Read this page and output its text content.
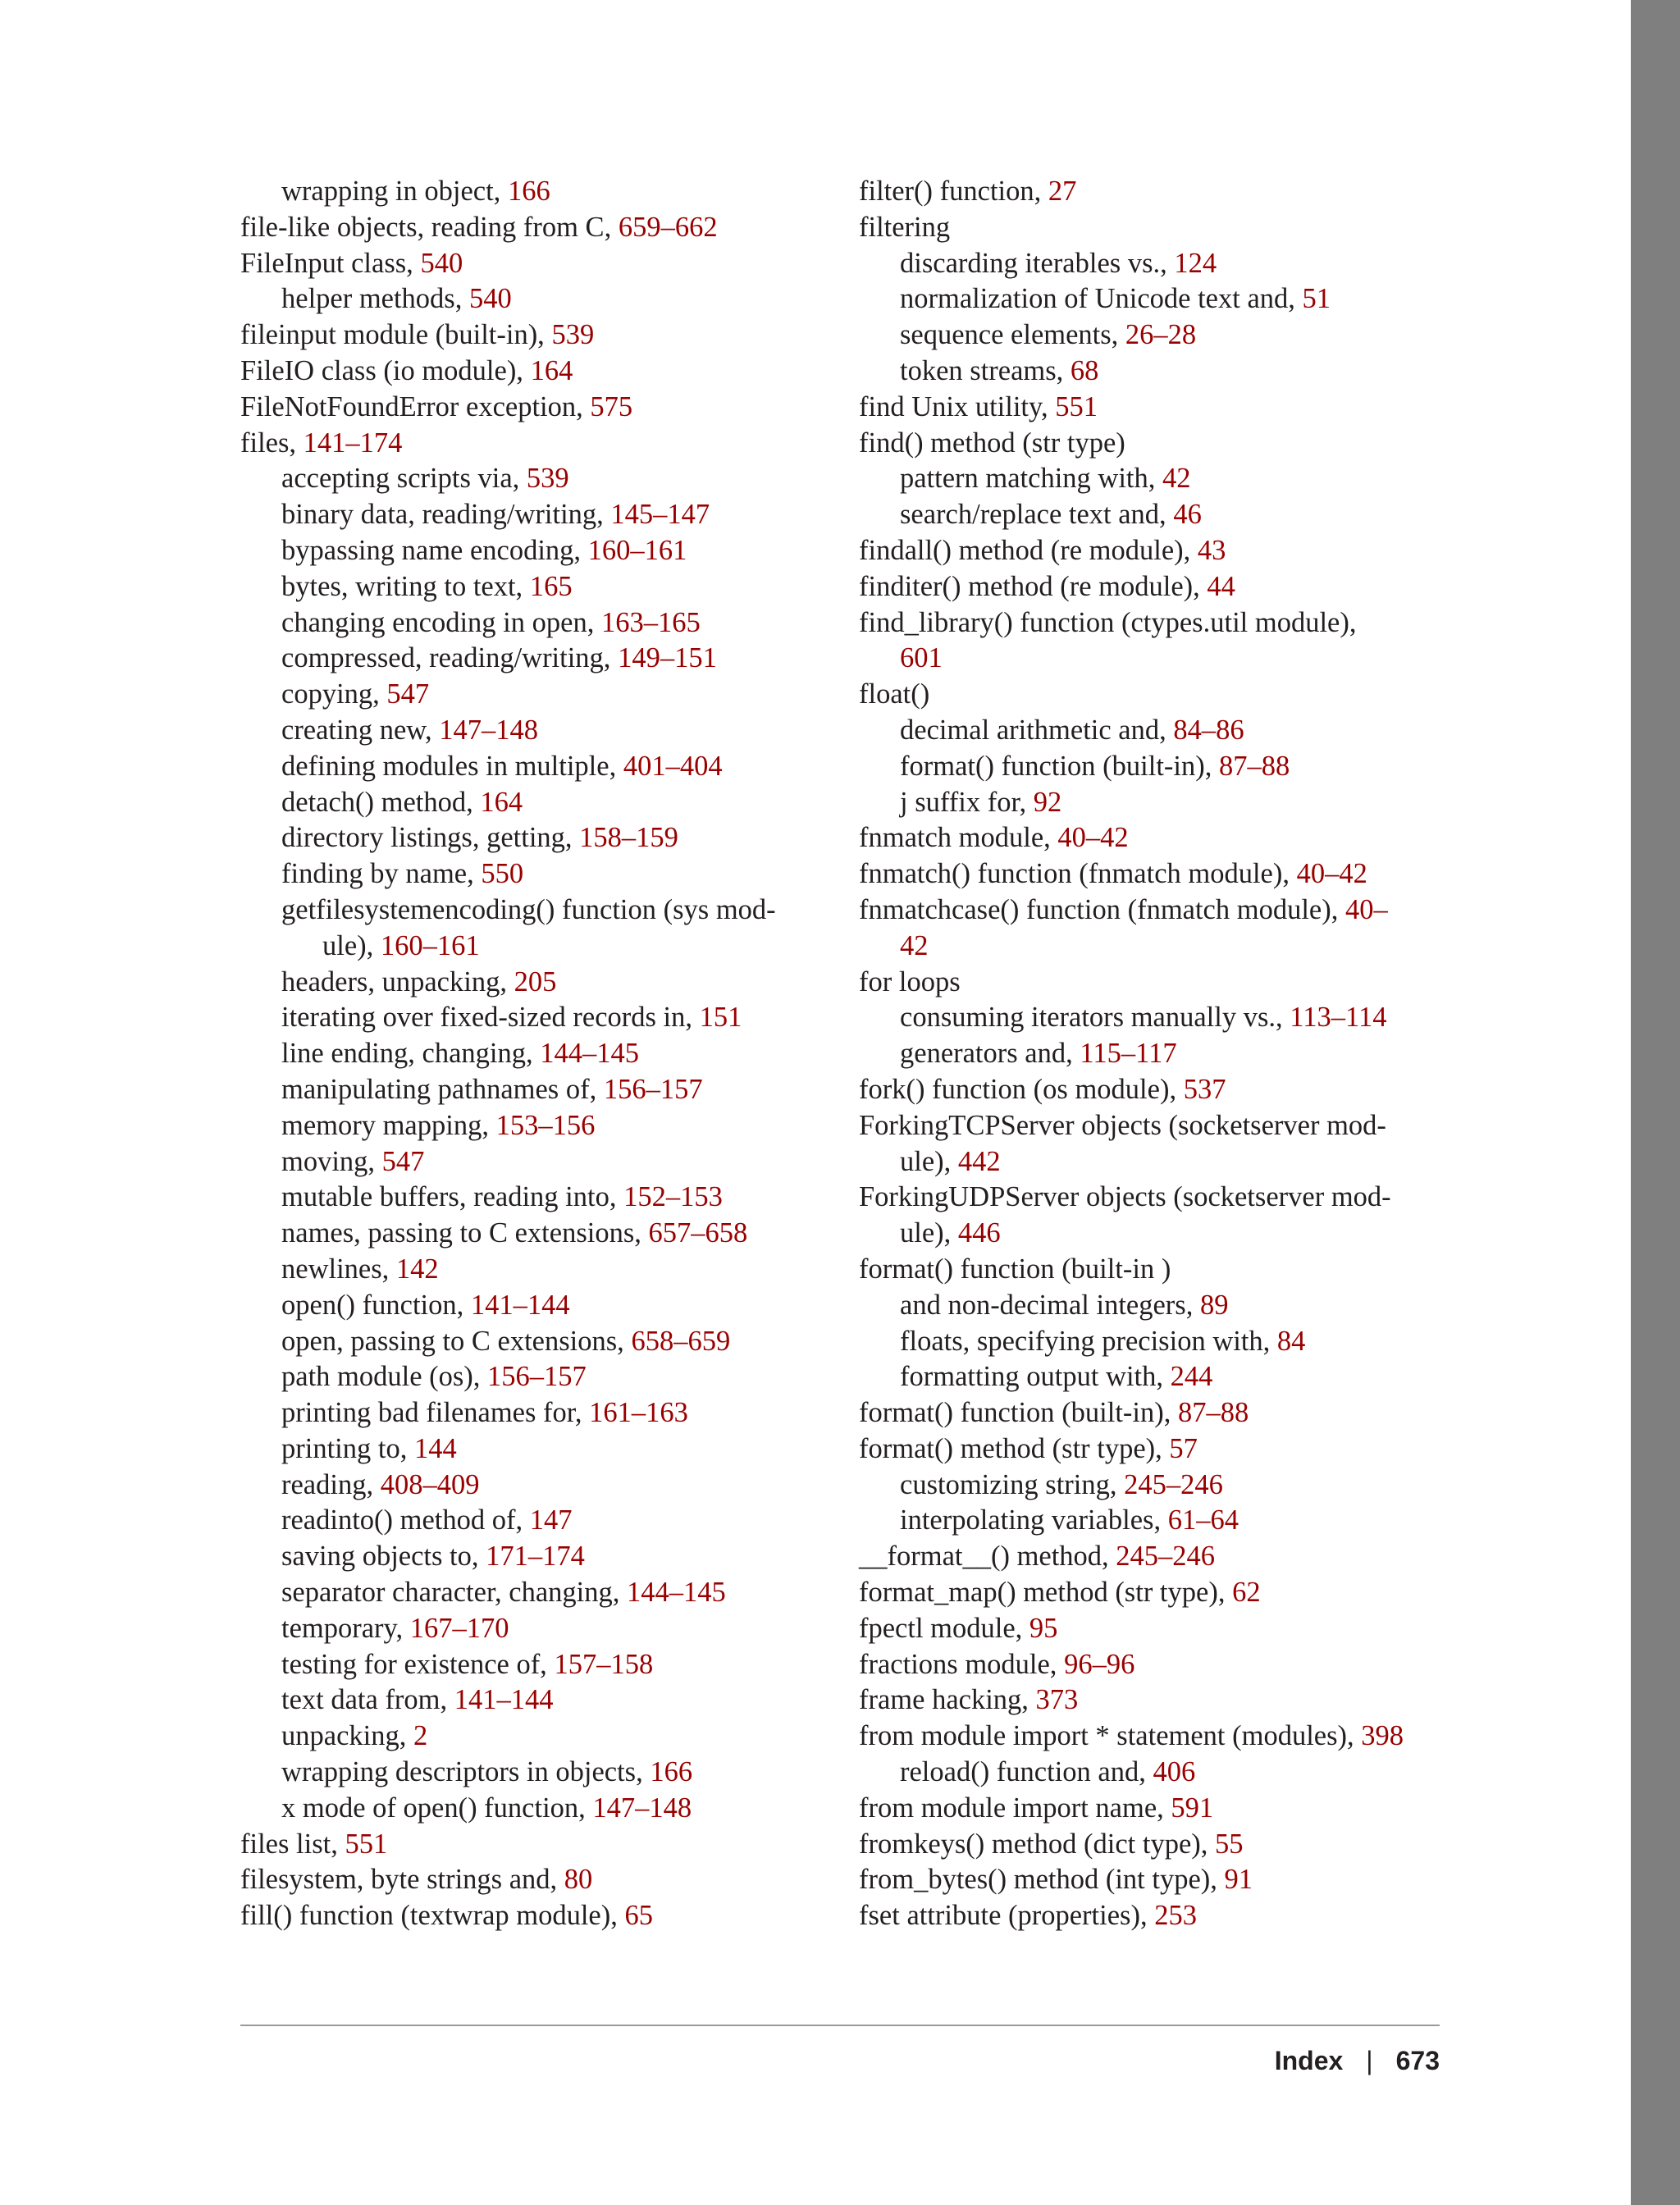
wrapping in object, 166
file-like objects, reading from C, 659–662
FileInput class, 540
helper methods, 540
fileinput module (built-in), 539
FileIO class (io module), 164
FileNotFoundError exception, 575
files, 141–174
accepting scripts via, 539
binary data, reading/writing, 145–147
bypassing name encoding, 160–161
bytes, writing to text, 165
changing encoding in open, 163–165
compressed, reading/writing, 149–151
copying, 547
creating new, 147–148
defining modules in multiple, 401–404
detach() method, 164
directory listings, getting, 158–159
finding by name, 550
getfilesystemencoding() function (sys mod-
ule), 160–161
headers, unpacking, 205
iterating over fixed-sized records in, 151
line ending, changing, 144–145
manipulating pathnames of, 156–157
memory mapping, 153–156
moving, 547
mutable buffers, reading into, 152–153
names, passing to C extensions, 657–658
newlines, 142
open() function, 141–144
open, passing to C extensions, 658–659
path module (os), 156–157
printing bad filenames for, 161–163
printing to, 144
reading, 408–409
readinto() method of, 147
saving objects to, 171–174
separator character, changing, 144–145
temporary, 167–170
testing for existence of, 157–158
text data from, 141–144
unpacking, 2
wrapping descriptors in objects, 166
x mode of open() function, 147–148
files list, 551
filesystem, byte strings and, 80
fill() function (textwrap module), 65
filter() function, 27
filtering
discarding iterables vs., 124
normalization of Unicode text and, 51
sequence elements, 26–28
token streams, 68
find Unix utility, 551
find() method (str type)
pattern matching with, 42
search/replace text and, 46
findall() method (re module), 43
finditer() method (re module), 44
find_library() function (ctypes.util module),
601
float()
decimal arithmetic and, 84–86
format() function (built-in), 87–88
j suffix for, 92
fnmatch module, 40–42
fnmatch() function (fnmatch module), 40–42
fnmatchcase() function (fnmatch module), 40–
42
for loops
consuming iterators manually vs., 113–114
generators and, 115–117
fork() function (os module), 537
ForkingTCPServer objects (socketserver mod-
ule), 442
ForkingUDPServer objects (socketserver mod-
ule), 446
format() function (built-in )
and non-decimal integers, 89
floats, specifying precision with, 84
formatting output with, 244
format() function (built-in), 87–88
format() method (str type), 57
customizing string, 245–246
interpolating variables, 61–64
__format__() method, 245–246
format_map() method (str type), 62
fpectl module, 95
fractions module, 96–96
frame hacking, 373
from module import * statement (modules), 398
reload() function and, 406
from module import name, 591
fromkeys() method (dict type), 55
from_bytes() method (int type), 91
fset attribute (properties), 253
Index | 673
